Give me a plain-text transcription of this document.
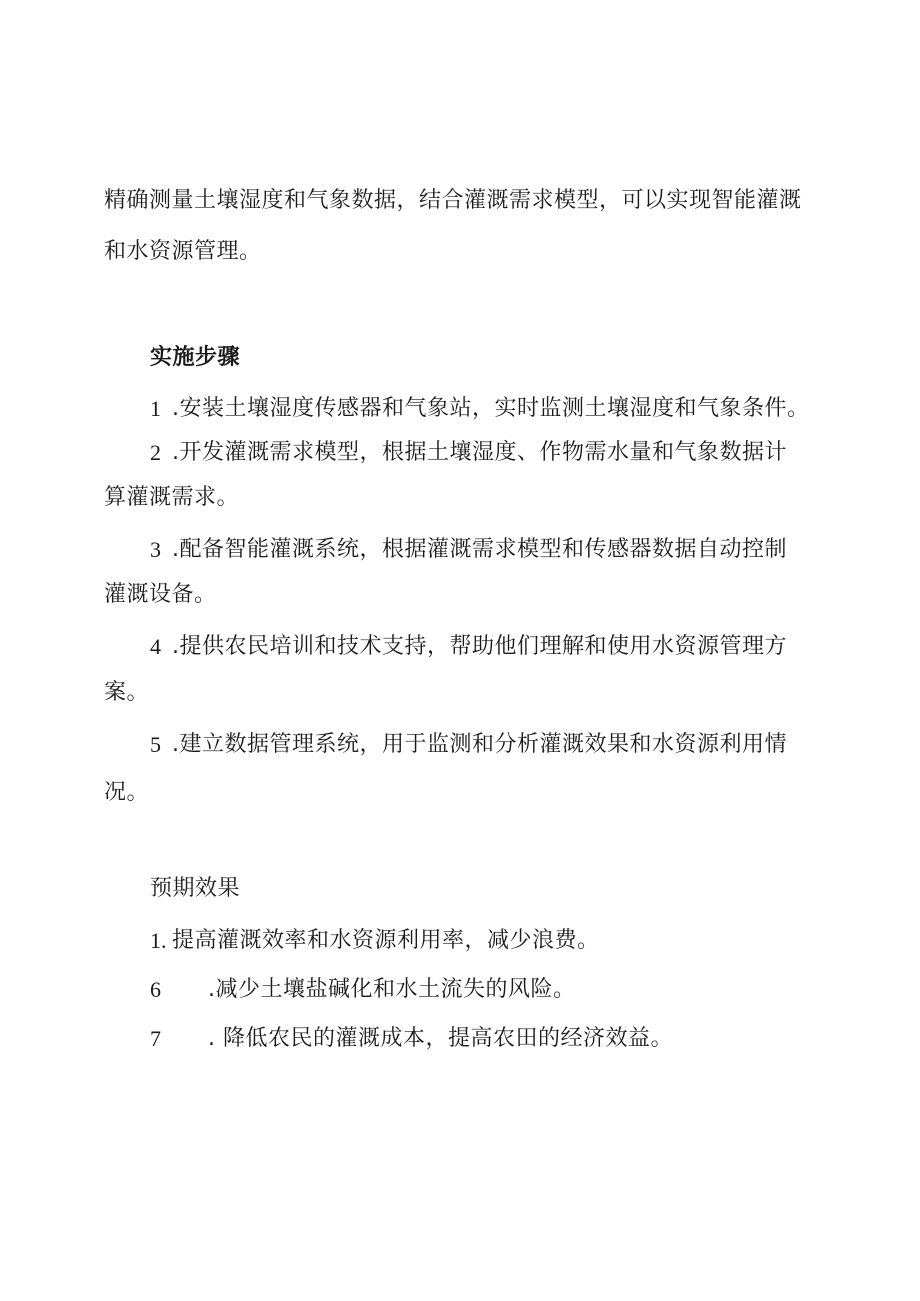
精确测量土壤湿度和气象数据，结合灌溉需求模型，可以实现智能灌溉
和水资源管理。
实施步骤
1 .安装土壤湿度传感器和气象站，实时监测土壤湿度和气象条件。
2 .开发灌溉需求模型，根据土壤湿度、作物需水量和气象数据计
算灌溉需求。
3 .配备智能灌溉系统，根据灌溉需求模型和传感器数据自动控制
灌溉设备。
4 .提供农民培训和技术支持，帮助他们理解和使用水资源管理方
案。
5 .建立数据管理系统，用于监测和分析灌溉效果和水资源利用情
况。
预期效果
1. 提高灌溉效率和水资源利用率，减少浪费。
6 .减少土壤盐碱化和水土流失的风险。
7 . 降低农民的灌溉成本，提高农田的经济效益。
